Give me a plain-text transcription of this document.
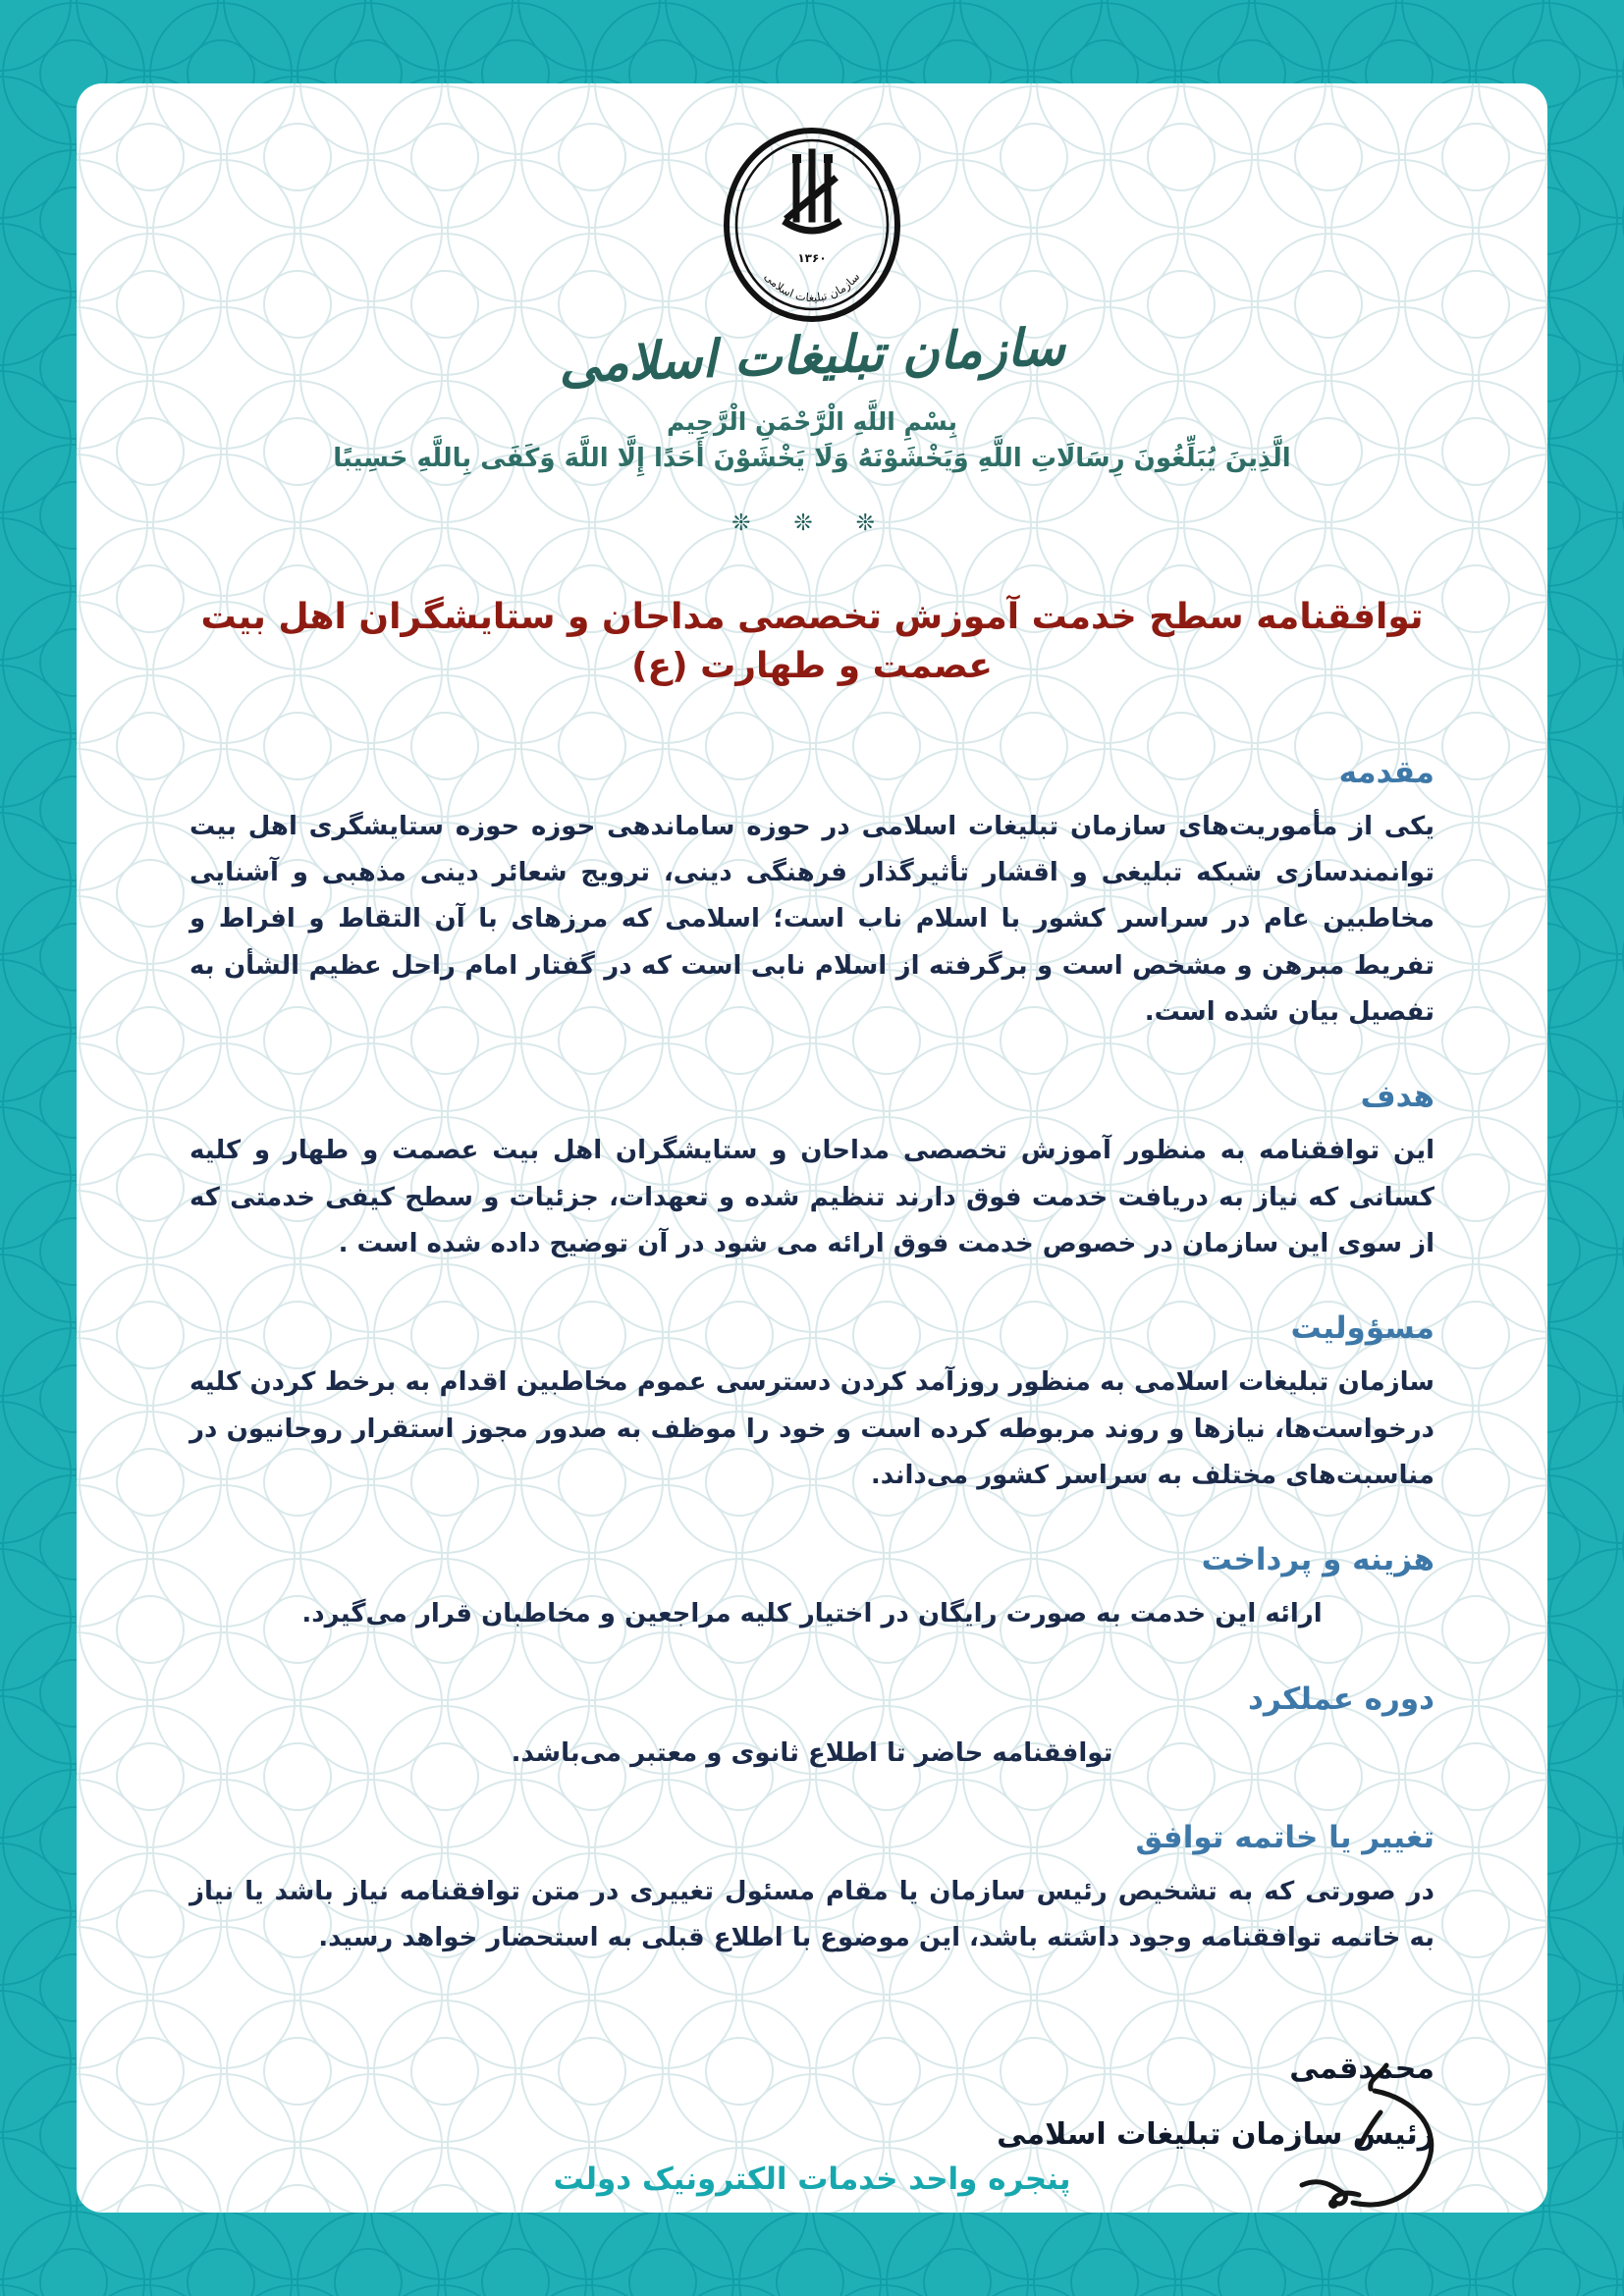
۱۳۶۰
سازمان تبلیغات اسلامی
سازمان تبلیغات اسلامی
بِسْمِ اللَّهِ الْرَّحْمَنِ الْرَّحِیم
الَّذِینَ یُبَلِّغُونَ رِسَالَاتِ اللَّهِ وَیَخْشَوْنَهُ وَلَا یَخْشَوْنَ أَحَدًا إِلَّا اللَّهَ وَکَفَی بِاللَّهِ حَسِیبًا
❊ ❊ ❊
توافقنامه سطح خدمت آموزش تخصصی مداحان و ستایشگران اهل بیت عصمت و طهارت (ع)
مقدمه

یکی از مأموریت‌های سازمان تبلیغات اسلامی در حوزه ساماندهی حوزه حوزه ستایشگری اهل بیت توانمندسازی شبکه تبلیغی و اقشار تأثیرگذار فرهنگی دینی، ترویج شعائر دینی مذهبی و آشنایی مخاطبین عام در سراسر کشور با اسلام ناب است؛ اسلامی که مرزهای با آن التقاط و افراط و تفریط مبرهن و مشخص است و برگرفته از اسلام نابی است که در گفتار امام راحل عظیم الشأن به تفصیل بیان شده است.

هدف

این توافقنامه به منظور آموزش تخصصی مداحان و ستایشگران اهل بیت عصمت و طهار و کلیه کسانی که نیاز به دریافت خدمت فوق دارند تنظیم شده و تعهدات، جزئیات و سطح کیفی خدمتی که از سوی این سازمان در خصوص خدمت فوق ارائه می شود در آن توضیح داده شده است .

مسؤولیت

سازمان تبلیغات اسلامی به منظور روزآمد کردن دسترسی عموم مخاطبین اقدام به برخط کردن کلیه درخواست‌ها، نیازها و روند مربوطه کرده است و خود را موظف به صدور مجوز استقرار روحانیون در مناسبت‌های مختلف به سراسر کشور می‌داند.

هزینه و پرداخت

ارائه این خدمت به صورت رایگان در اختیار کلیه مراجعین و مخاطبان قرار می‌گیرد.

دوره عملکرد

توافقنامه حاضر تا اطلاع ثانوی و معتبر می‌باشد.

تغییر یا خاتمه توافق

در صورتی که به تشخیص رئیس سازمان یا مقام مسئول تغییری در متن توافقنامه نیاز باشد یا نیاز به خاتمه توافقنامه وجود داشته باشد، این موضوع با اطلاع قبلی به استحضار خواهد رسید.

محمدقمی
رئیس سازمان تبلیغات اسلامی
پنجره واحد خدمات الکترونیک دولت
